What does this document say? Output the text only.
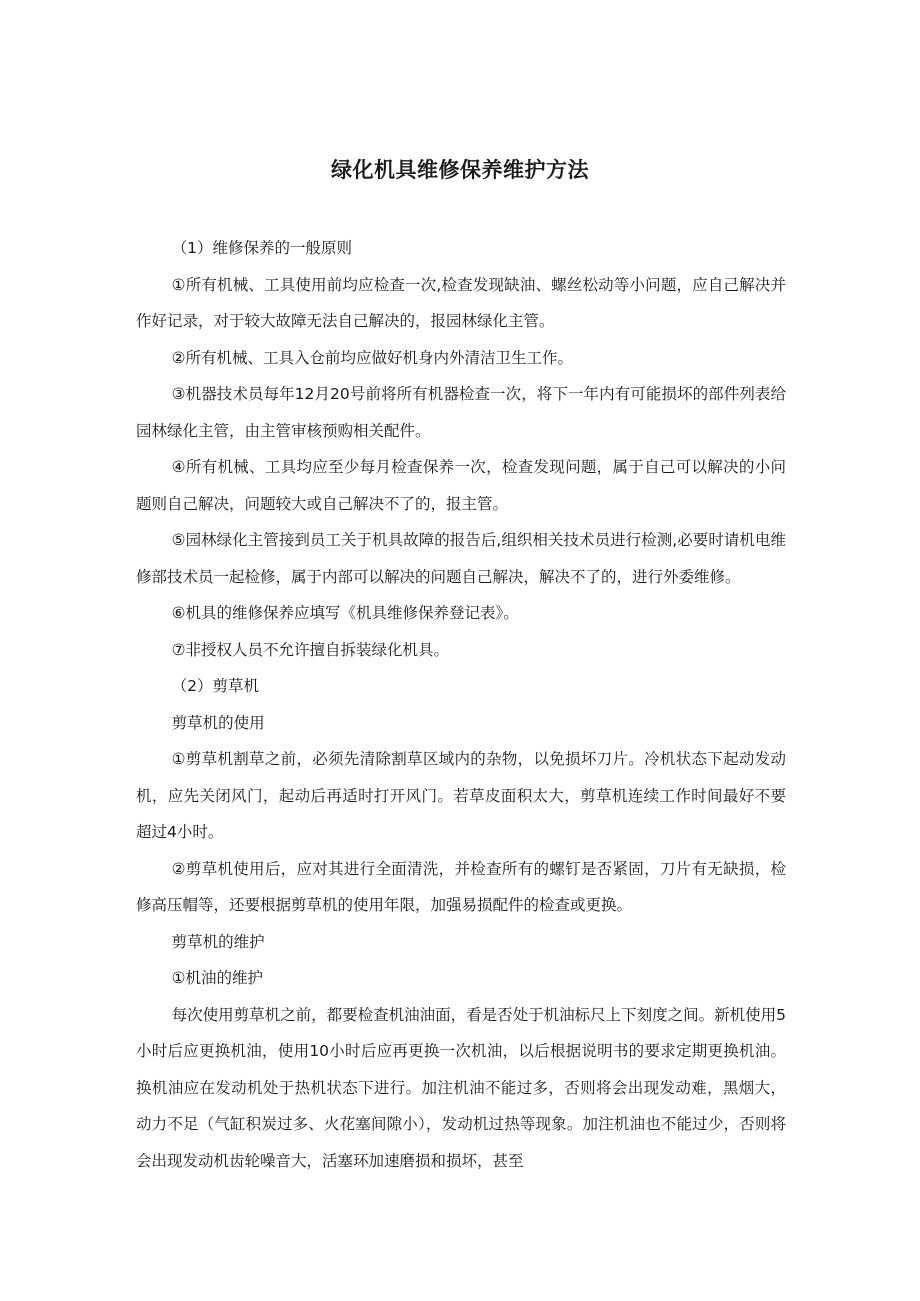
绿化机具维修保养维护方法

（1）维修保养的一般原则

①所有机械、工具使用前均应检查一次,检查发现缺油、螺丝松动等小问题，应自己解决并作好记录，对于较大故障无法自己解决的，报园林绿化主管。

②所有机械、工具入仓前均应做好机身内外清洁卫生工作。

③机器技术员每年12月20号前将所有机器检查一次，将下一年内有可能损坏的部件列表给园林绿化主管，由主管审核预购相关配件。

④所有机械、工具均应至少每月检查保养一次，检查发现问题，属于自己可以解决的小问题则自己解决，问题较大或自己解决不了的，报主管。

⑤园林绿化主管接到员工关于机具故障的报告后,组织相关技术员进行检测,必要时请机电维修部技术员一起检修，属于内部可以解决的问题自己解决，解决不了的，进行外委维修。

⑥机具的维修保养应填写《机具维修保养登记表》。

⑦非授权人员不允许擅自拆装绿化机具。

（2）剪草机

剪草机的使用

①剪草机割草之前，必须先清除割草区域内的杂物，以免损坏刀片。冷机状态下起动发动机，应先关闭风门，起动后再适时打开风门。若草皮面积太大，剪草机连续工作时间最好不要超过4小时。

②剪草机使用后，应对其进行全面清洗，并检查所有的螺钉是否紧固，刀片有无缺损，检修高压帽等，还要根据剪草机的使用年限，加强易损配件的检查或更换。

剪草机的维护

①机油的维护

每次使用剪草机之前，都要检查机油油面，看是否处于机油标尺上下刻度之间。新机使用5小时后应更换机油，使用10小时后应再更换一次机油，以后根据说明书的要求定期更换机油。换机油应在发动机处于热机状态下进行。加注机油不能过多，否则将会出现发动难，黑烟大，动力不足（气缸积炭过多、火花塞间隙小），发动机过热等现象。加注机油也不能过少，否则将会出现发动机齿轮噪音大，活塞环加速磨损和损坏，甚至
